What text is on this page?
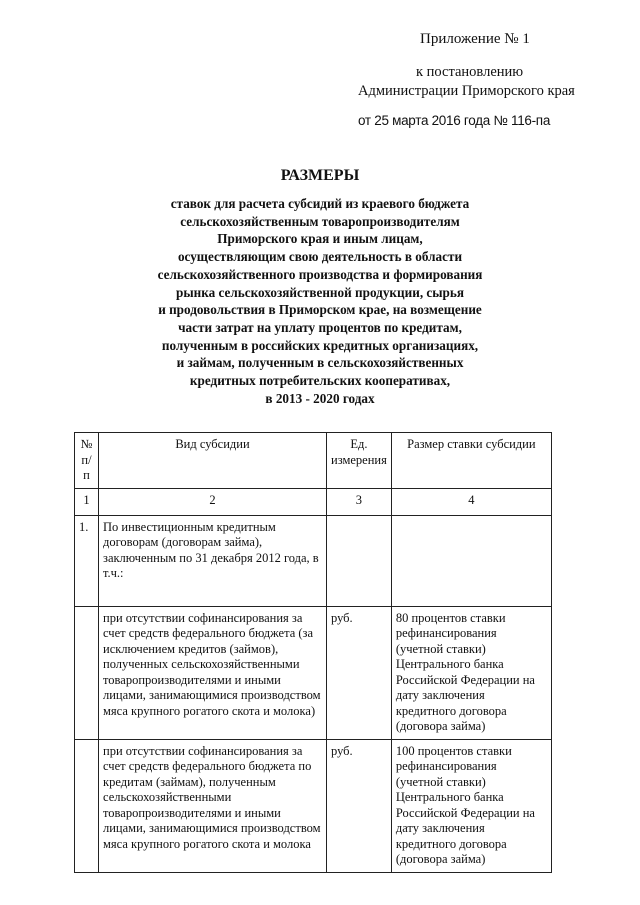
Приложение № 1
к постановлению
Администрации Приморского края
от 25 марта 2016 года № 116-па
РАЗМЕРЫ
ставок для расчета субсидий из краевого бюджета
сельскохозяйственным товаропроизводителям
Приморского края и иным лицам,
осуществляющим свою деятельность в области
сельскохозяйственного производства и формирования
рынка сельскохозяйственной продукции, сырья
и продовольствия в Приморском крае, на возмещение
части затрат на уплату процентов по кредитам,
полученным в российских кредитных организациях,
и займам, полученным в сельскохозяйственных
кредитных потребительских кооперативах,
в 2013 - 2020 годах
№ п/п	Вид субсидии	Ед. измерения	Размер ставки субсидии
1	2	3	4
1.	По инвестиционным кредитным договорам (договорам займа), заключенным по 31 декабря 2012 года, в т.ч.:		
	при отсутствии софинансирования за счет средств федерального бюджета (за исключением кредитов (займов), полученных сельскохозяйственными товаропроизводителями и иными лицами, занимающимися производством мяса крупного рогатого скота и молока)	руб.	80 процентов ставки рефинансирования (учетной ставки) Центрального банка Российской Федерации на дату заключения кредитного договора (договора займа)
	при отсутствии софинансирования за счет средств федерального бюджета по кредитам (займам), полученным сельскохозяйственными товаропроизводителями и иными лицами, занимающимися производством мяса крупного рогатого скота и молока	руб.	100 процентов ставки рефинансирования (учетной ставки) Центрального банка Российской Федерации на дату заключения кредитного договора (договора займа)
